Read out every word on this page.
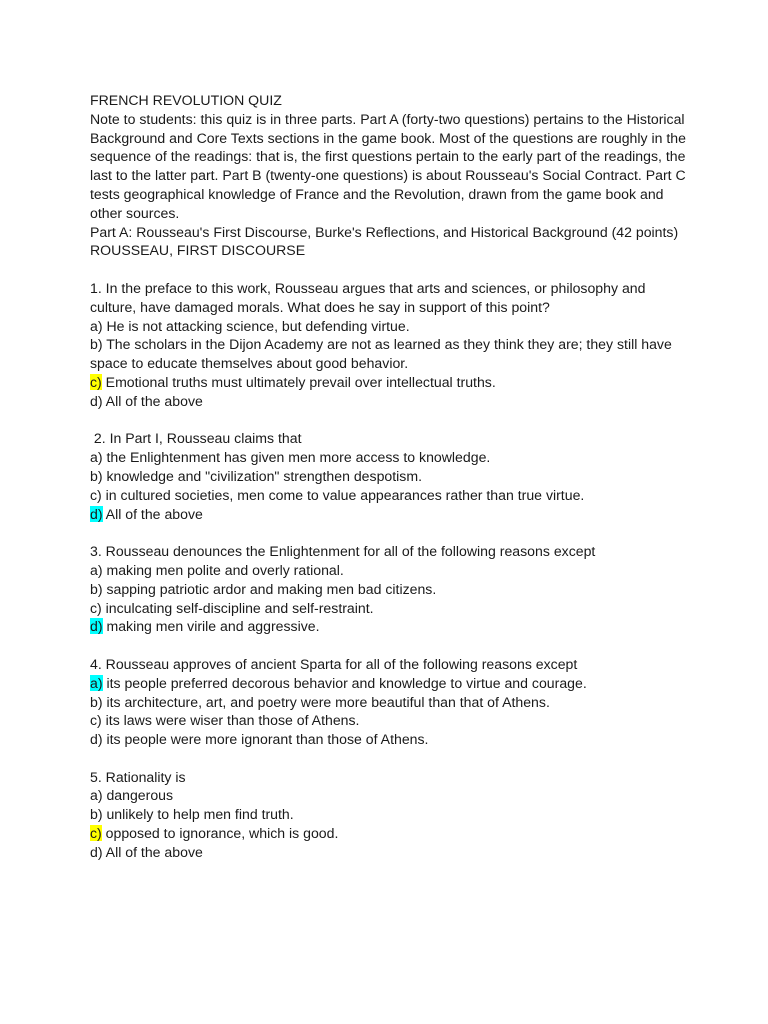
FRENCH REVOLUTION QUIZ
Note to students: this quiz is in three parts. Part A (forty-two questions) pertains to the Historical
Background and Core Texts sections in the game book. Most of the questions are roughly in the
sequence of the readings: that is, the first questions pertain to the early part of the readings, the
last to the latter part. Part B (twenty-one questions) is about Rousseau's Social Contract. Part C
tests geographical knowledge of France and the Revolution, drawn from the game book and
other sources.
Part A: Rousseau's First Discourse, Burke's Reflections, and Historical Background (42 points)
ROUSSEAU, FIRST DISCOURSE
1. In the preface to this work, Rousseau argues that arts and sciences, or philosophy and
culture, have damaged morals. What does he say in support of this point?
a) He is not attacking science, but defending virtue.
b) The scholars in the Dijon Academy are not as learned as they think they are; they still have
space to educate themselves about good behavior.
c) Emotional truths must ultimately prevail over intellectual truths.
d) All of the above
2. In Part I, Rousseau claims that
a) the Enlightenment has given men more access to knowledge.
b) knowledge and "civilization" strengthen despotism.
c) in cultured societies, men come to value appearances rather than true virtue.
d) All of the above
3. Rousseau denounces the Enlightenment for all of the following reasons except
a) making men polite and overly rational.
b) sapping patriotic ardor and making men bad citizens.
c) inculcating self-discipline and self-restraint.
d) making men virile and aggressive.
4. Rousseau approves of ancient Sparta for all of the following reasons except
a) its people preferred decorous behavior and knowledge to virtue and courage.
b) its architecture, art, and poetry were more beautiful than that of Athens.
c) its laws were wiser than those of Athens.
d) its people were more ignorant than those of Athens.
5. Rationality is
a) dangerous
b) unlikely to help men find truth.
c) opposed to ignorance, which is good.
d) All of the above
